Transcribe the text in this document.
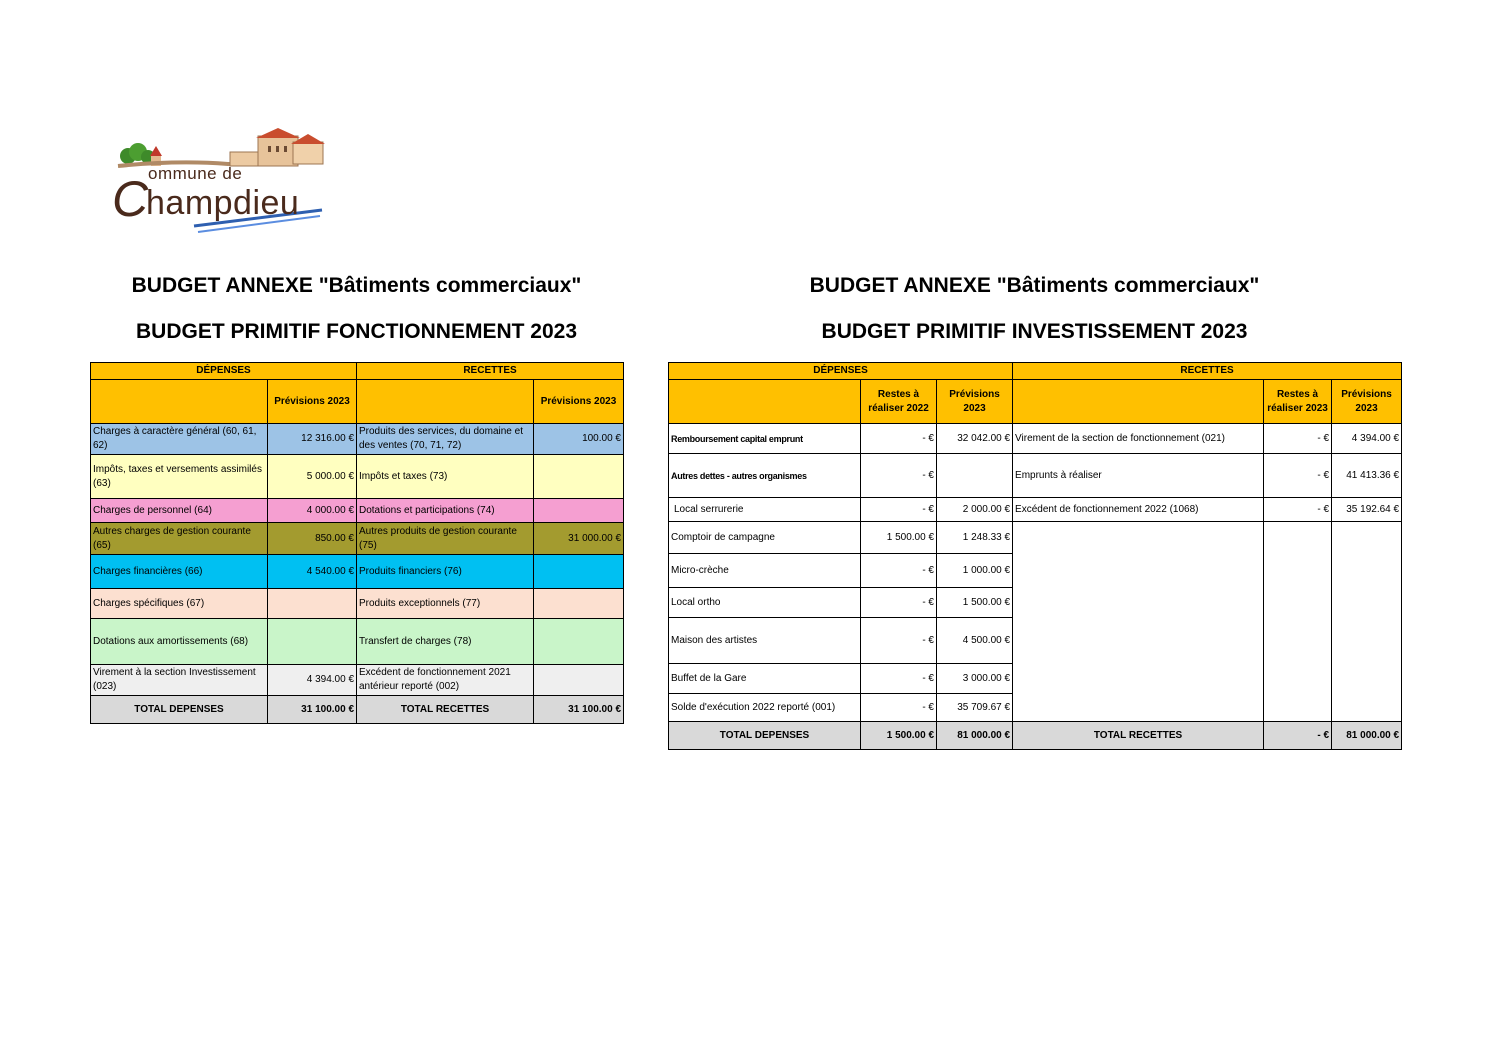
C ommune de
hampdieu
BUDGET ANNEXE "Bâtiments commerciaux"
BUDGET PRIMITIF FONCTIONNEMENT 2023
BUDGET ANNEXE "Bâtiments commerciaux"
BUDGET PRIMITIF INVESTISSEMENT 2023
DÉPENSES		RECETTES	
	Prévisions 2023		Prévisions 2023
Charges à caractère général (60, 61, 62)	12 316.00 €	Produits des services, du domaine et des ventes (70, 71, 72)	100.00 €
Impôts, taxes et versements assimilés (63)	5 000.00 €	Impôts et taxes (73)	
Charges de personnel (64)	4 000.00 €	Dotations et participations (74)	
Autres charges de gestion courante (65)	850.00 €	Autres produits de gestion courante (75)	31 000.00 €
Charges financières (66)	4 540.00 €	Produits financiers (76)	
Charges spécifiques (67)		Produits exceptionnels (77)	
Dotations aux amortissements (68)		Transfert de charges (78)	
Virement à la section Investissement (023)	4 394.00 €	Excédent de fonctionnement 2021 antérieur reporté (002)	
TOTAL DEPENSES	31 100.00 €	TOTAL RECETTES	31 100.00 €
DÉPENSES			RECETTES		
	Restes à réaliser 2022	Prévisions 2023		Restes à réaliser 2023	Prévisions 2023
Remboursement capital emprunt	- €	32 042.00 €	Virement de la section de fonctionnement (021)	- €	4 394.00 €
Autres dettes - autres organismes	- €		Emprunts à réaliser	- €	41 413.36 €
Local serrurerie	- €	2 000.00 €	Excédent de fonctionnement 2022 (1068)	- €	35 192.64 €
Comptoir de campagne	1 500.00 €	1 248.33 €			
Micro-crèche	- €	1 000.00 €			
Local ortho	- €	1 500.00 €			
Maison des artistes	- €	4 500.00 €			
Buffet de la Gare	- €	3 000.00 €			
Solde d'exécution 2022 reporté (001)	- €	35 709.67 €			
TOTAL DEPENSES	1 500.00 €	81 000.00 €	TOTAL RECETTES	- €	81 000.00 €
